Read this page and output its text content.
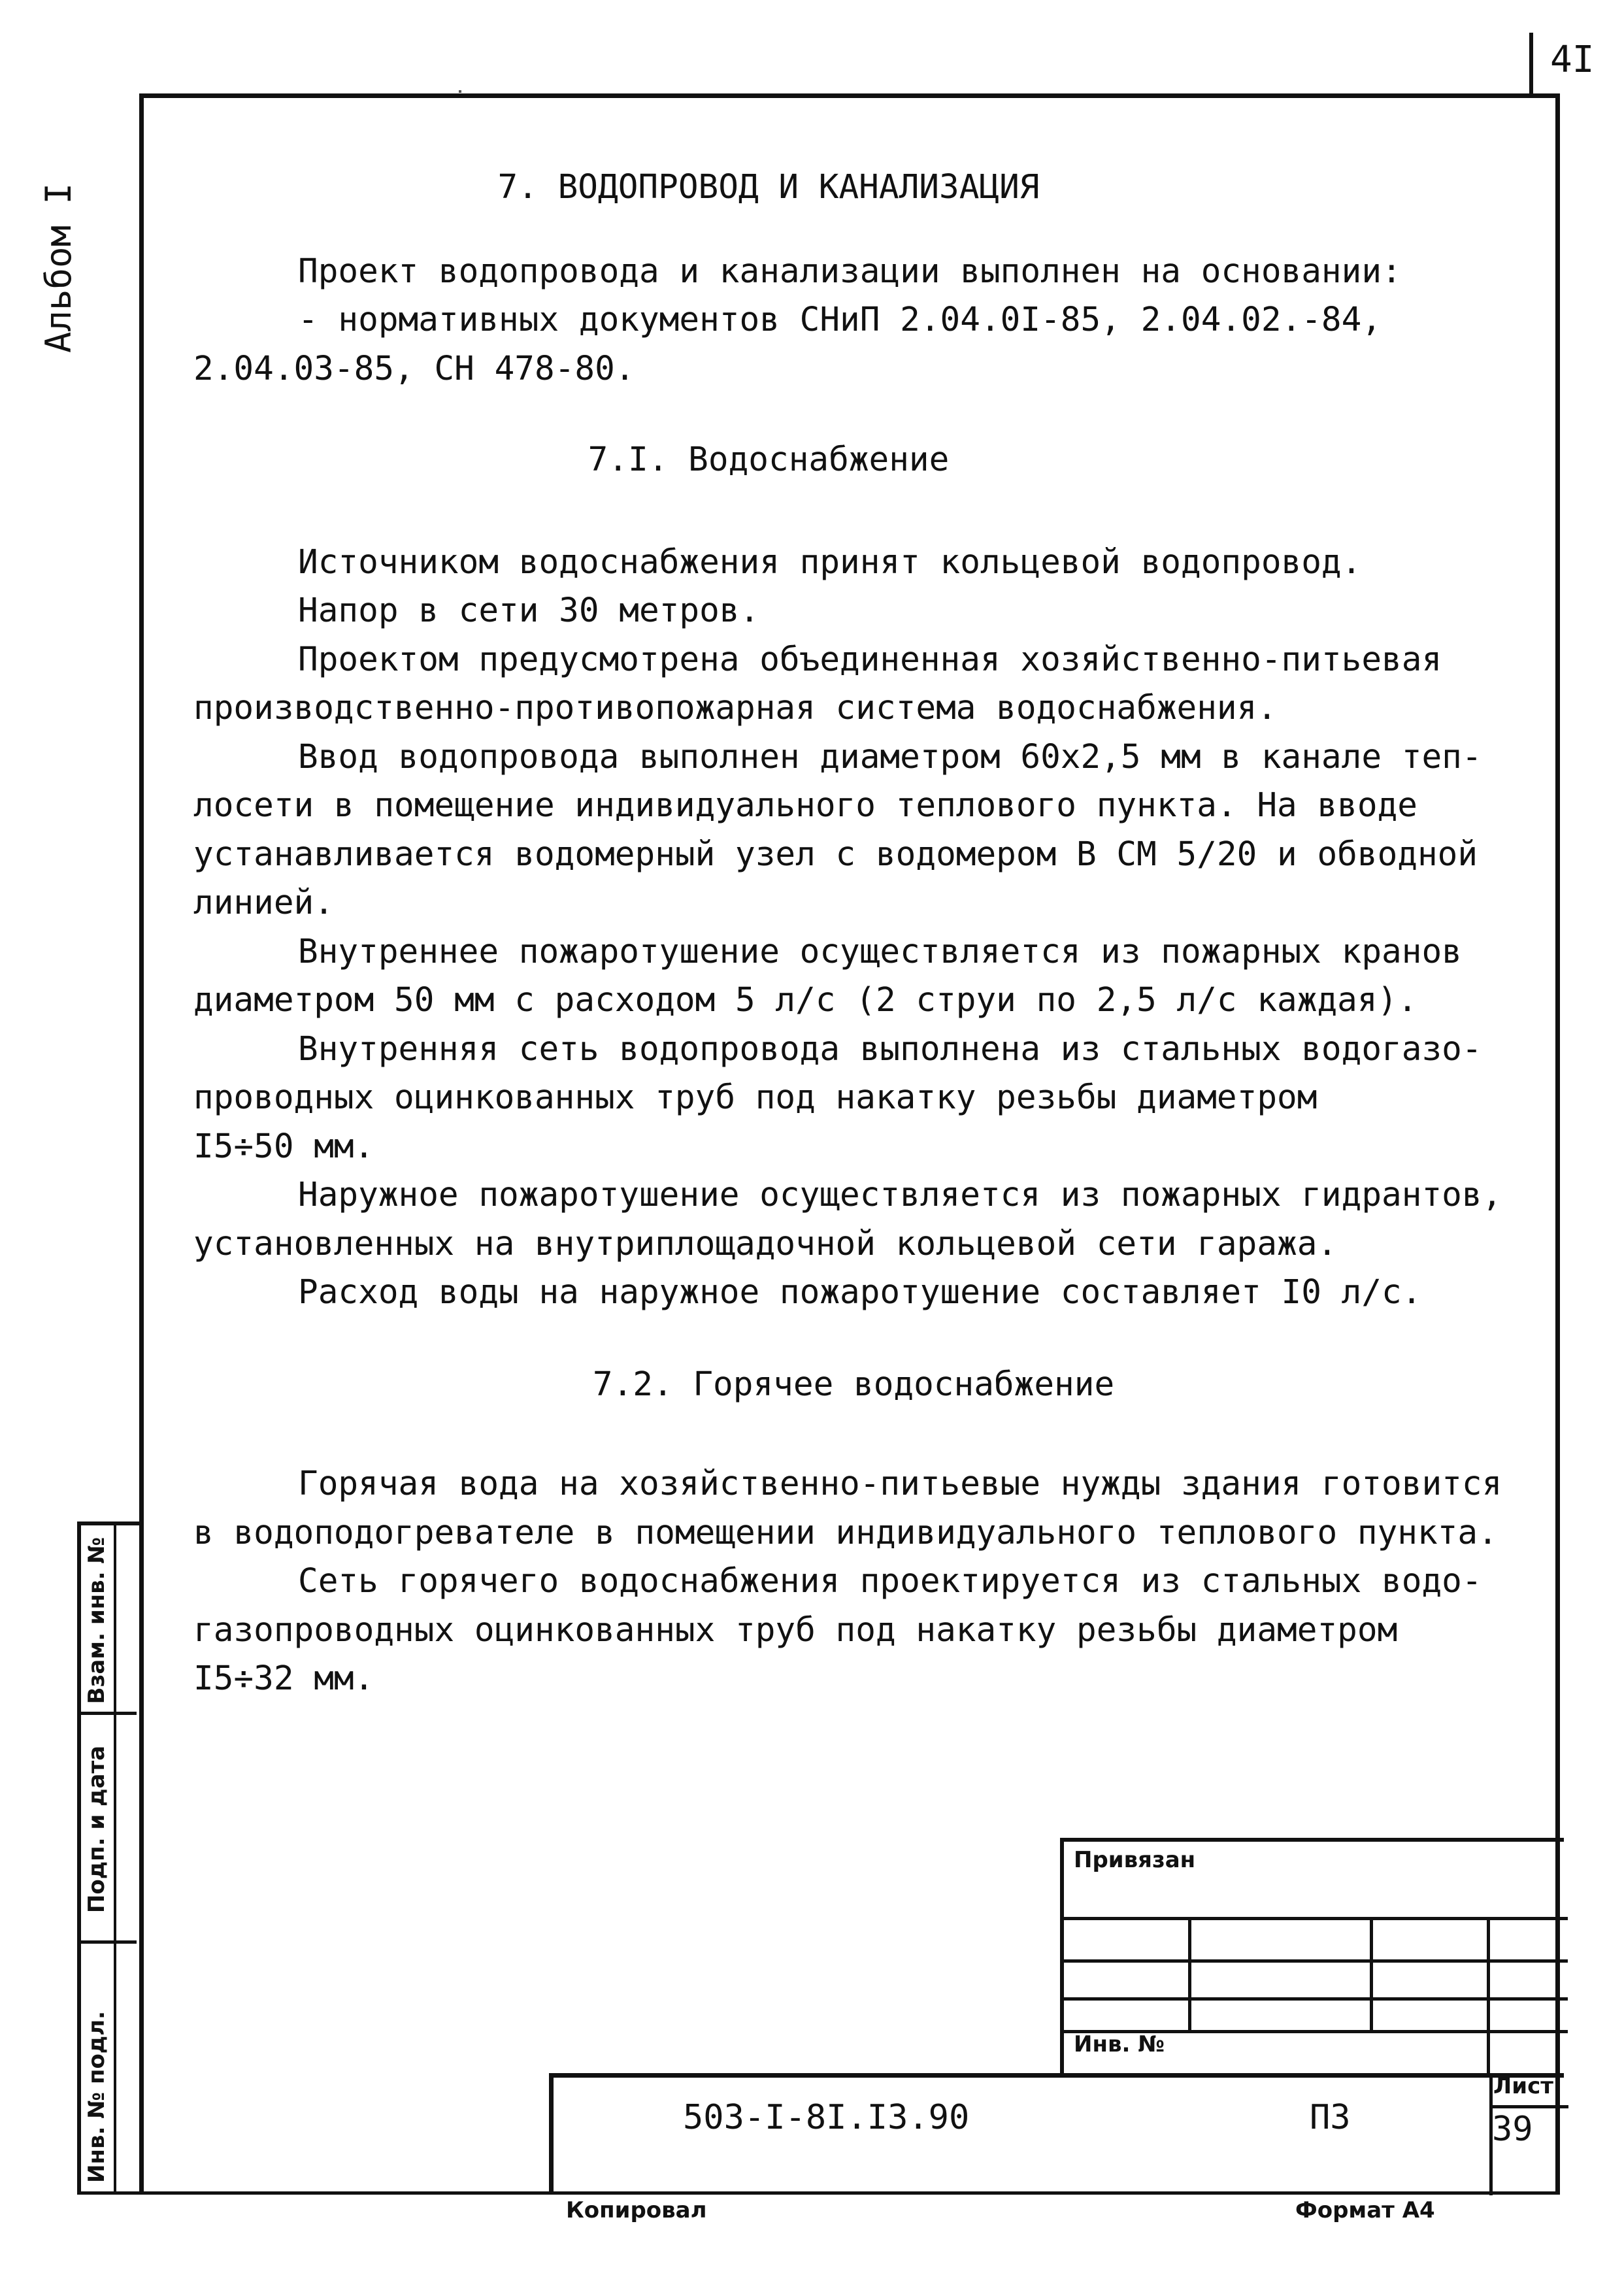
4I
Альбом I
Инв. № подл.
Подп. и дата
Взам. инв. №

7. ВОДОПРОВОД И КАНАЛИЗАЦИЯ

Проект водопровода и канализации выполнен на основании:

- нормативных документов СНиП 2.04.0I-85, 2.04.02.-84,

2.04.03-85, СН 478-80.

7.I. Водоснабжение

Источником водоснабжения принят кольцевой водопровод.

Напор в сети 30 метров.

Проектом предусмотрена объединенная хозяйственно-питьевая

производственно-противопожарная система водоснабжения.

Ввод водопровода выполнен диаметром 60х2,5 мм в канале теп-

лосети в помещение индивидуального теплового пункта. На вводе

устанавливается водомерный узел с водомером В СМ 5/20 и обводной

линией.

Внутреннее пожаротушение осуществляется из пожарных кранов

диаметром 50 мм с расходом 5 л/с (2 струи по 2,5 л/с каждая).

Внутренняя сеть водопровода выполнена из стальных водогазо-

проводных оцинкованных труб под накатку резьбы диаметром

I5÷50 мм.

Наружное пожаротушение осуществляется из пожарных гидрантов,

установленных на внутриплощадочной кольцевой сети гаража.

Расход воды на наружное пожаротушение составляет I0 л/с.

7.2. Горячее водоснабжение

Горячая вода на хозяйственно-питьевые нужды здания готовится

в водоподогревателе в помещении индивидуального теплового пункта.

Сеть горячего водоснабжения проектируется из стальных водо-

газопроводных оцинкованных труб под накатку резьбы диаметром

I5÷32 мм.

Привязан
Инв. №
503-I-8I.I3.90	ПЗ
Лист
39
Копировал	Формат А4
